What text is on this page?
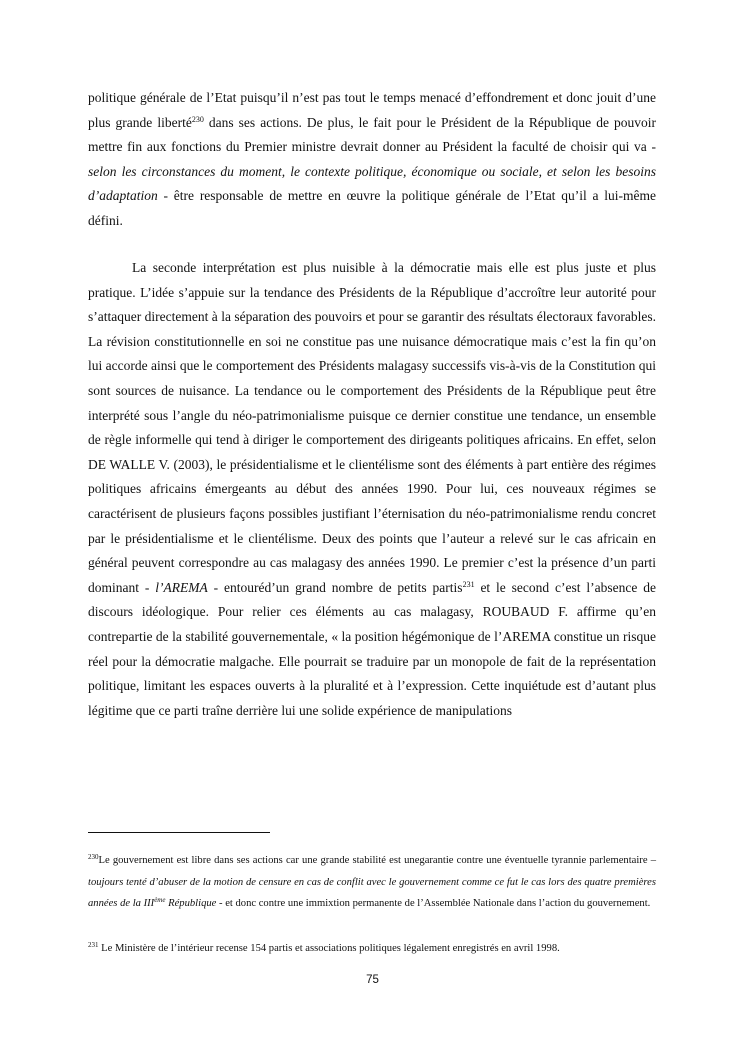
politique générale de l’Etat puisqu’il n’est pas tout le temps menacé d’effondrement et donc jouit d’une plus grande liberté$^{230}$ dans ses actions. De plus, le fait pour le Président de la République de pouvoir mettre fin aux fonctions du Premier ministre devrait donner au Président la faculté de choisir qui va - selon les circonstances du moment, le contexte politique, économique ou sociale, et selon les besoins d’adaptation - être responsable de mettre en œuvre la politique générale de l’Etat qu’il a lui-même défini.

La seconde interprétation est plus nuisible à la démocratie mais elle est plus juste et plus pratique. L’idée s’appuie sur la tendance des Présidents de la République d’accroître leur autorité pour s’attaquer directement à la séparation des pouvoirs et pour se garantir des résultats électoraux favorables. La révision constitutionnelle en soi ne constitue pas une nuisance démocratique mais c’est la fin qu’on lui accorde ainsi que le comportement des Présidents malagasy successifs vis-à-vis de la Constitution qui sont sources de nuisance. La tendance ou le comportement des Présidents de la République peut être interprété sous l’angle du néo-patrimonialisme puisque ce dernier constitue une tendance, un ensemble de règle informelle qui tend à diriger le comportement des dirigeants politiques africains. En effet, selon DE WALLE V. (2003), le présidentialisme et le clientélisme sont des éléments à part entière des régimes politiques africains émergeants au début des années 1990. Pour lui, ces nouveaux régimes se caractérisent de plusieurs façons possibles justifiant l’éternisation du néo-patrimonialisme rendu concret par le présidentialisme et le clientélisme. Deux des points que l’auteur a relevé sur le cas africain en général peuvent correspondre au cas malagasy des années 1990. Le premier c’est la présence d’un parti dominant - l’AREMA - entouréd’un grand nombre de petits partis$^{231}$ et le second c’est l’absence de discours idéologique. Pour relier ces éléments au cas malagasy, ROUBAUD F. affirme qu’en contrepartie de la stabilité gouvernementale, « la position hégémonique de l’AREMA constitue un risque réel pour la démocratie malgache. Elle pourrait se traduire par un monopole de fait de la représentation politique, limitant les espaces ouverts à la pluralité et à l’expression. Cette inquiétude est d’autant plus légitime que ce parti traîne derrière lui une solide expérience de manipulations

$^{230}$Le gouvernement est libre dans ses actions car une grande stabilité est unegarantie contre une éventuelle tyrannie parlementaire – toujours tenté d’abuser de la motion de censure en cas de conflit avec le gouvernement comme ce fut le cas lors des quatre premières années de la IIIème République - et donc contre une immixtion permanente de l’Assemblée Nationale dans l’action du gouvernement.

$^{231}$ Le Ministère de l’intérieur recense 154 partis et associations politiques légalement enregistrés en avril 1998.

75
